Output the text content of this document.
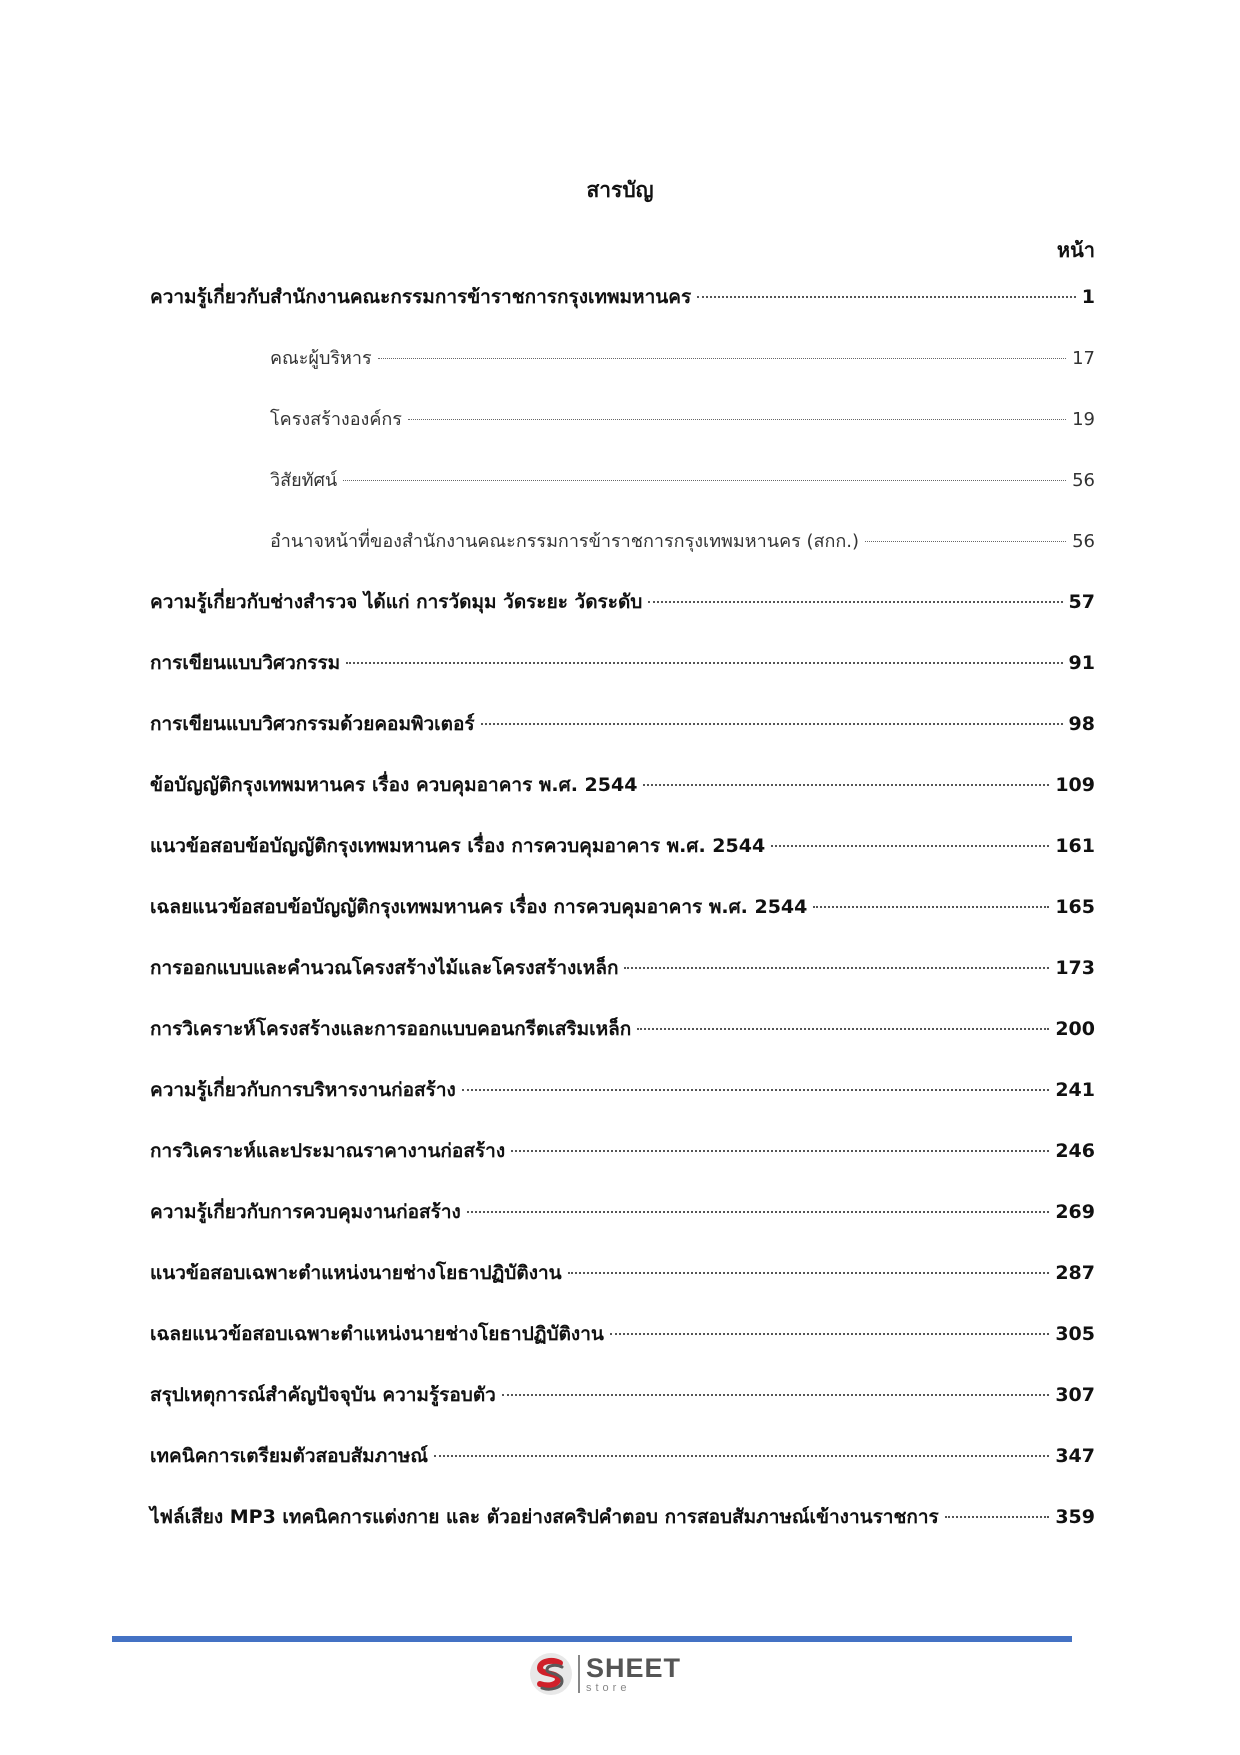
สารบัญ
หน้า
ความรู้เกี่ยวกับสำนักงานคณะกรรมการข้าราชการกรุงเทพมหานคร	1
คณะผู้บริหาร	17
โครงสร้างองค์กร	19
วิสัยทัศน์	56
อำนาจหน้าที่ของสำนักงานคณะกรรมการข้าราชการกรุงเทพมหานคร (สกก.)	56
ความรู้เกี่ยวกับช่างสำรวจ ได้แก่ การวัดมุม วัดระยะ วัดระดับ	57
การเขียนแบบวิศวกรรม	91
การเขียนแบบวิศวกรรมด้วยคอมพิวเตอร์	98
ข้อบัญญัติกรุงเทพมหานคร เรื่อง ควบคุมอาคาร พ.ศ. 2544	109
แนวข้อสอบข้อบัญญัติกรุงเทพมหานคร เรื่อง การควบคุมอาคาร พ.ศ. 2544	161
เฉลยแนวข้อสอบข้อบัญญัติกรุงเทพมหานคร เรื่อง การควบคุมอาคาร พ.ศ. 2544	165
การออกแบบและคำนวณโครงสร้างไม้และโครงสร้างเหล็ก	173
การวิเคราะห์โครงสร้างและการออกแบบคอนกรีตเสริมเหล็ก	200
ความรู้เกี่ยวกับการบริหารงานก่อสร้าง	241
การวิเคราะห์และประมาณราคางานก่อสร้าง	246
ความรู้เกี่ยวกับการควบคุมงานก่อสร้าง	269
แนวข้อสอบเฉพาะตำแหน่งนายช่างโยธาปฏิบัติงาน	287
เฉลยแนวข้อสอบเฉพาะตำแหน่งนายช่างโยธาปฏิบัติงาน	305
สรุปเหตุการณ์สำคัญปัจจุบัน ความรู้รอบตัว	307
เทคนิคการเตรียมตัวสอบสัมภาษณ์	347
ไฟล์เสียง MP3 เทคนิคการแต่งกาย และ ตัวอย่างสคริปคำตอบ การสอบสัมภาษณ์เข้างานราชการ	359
SHEET
store
